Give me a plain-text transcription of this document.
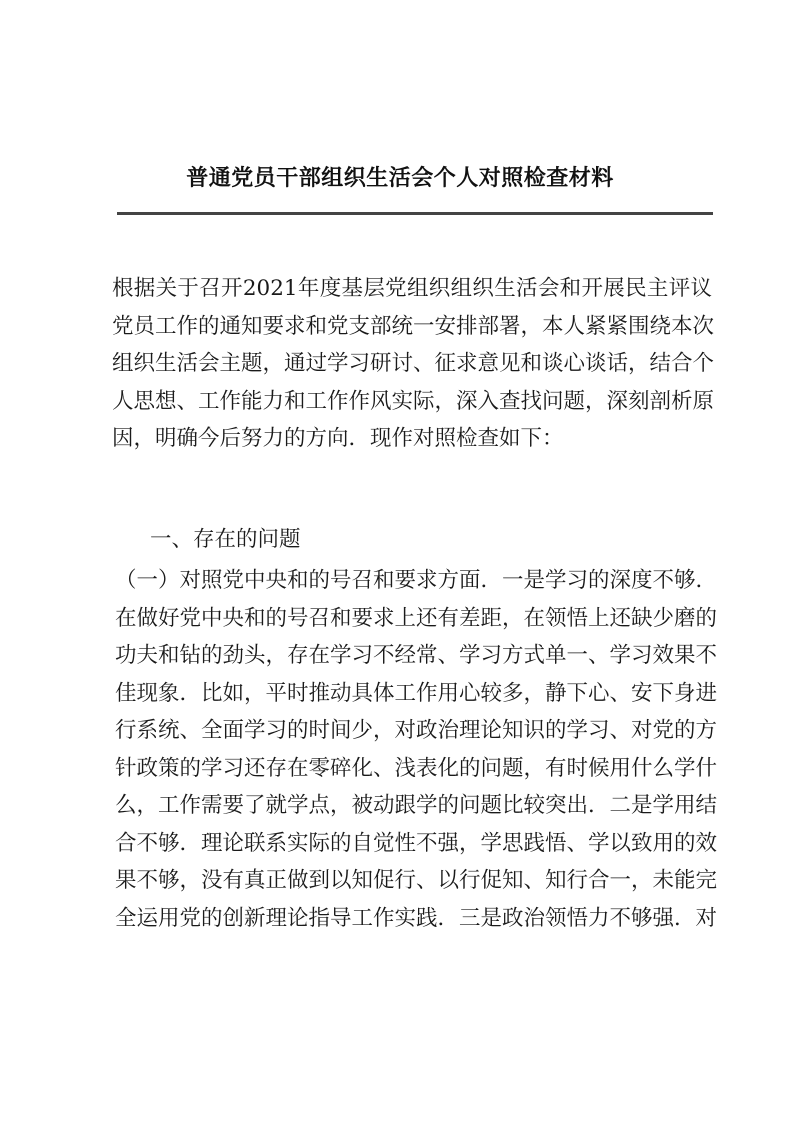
普通党员干部组织生活会个人对照检查材料
根据关于召开2021年度基层党组织组织生活会和开展民主评议
党员工作的通知要求和党支部统一安排部署，本人紧紧围绕本次
组织生活会主题，通过学习研讨、征求意见和谈心谈话，结合个
人思想、工作能力和工作作风实际，深入查找问题，深刻剖析原
因，明确今后努力的方向．现作对照检查如下：
一、存在的问题
（一）对照党中央和的号召和要求方面．一是学习的深度不够．
在做好党中央和的号召和要求上还有差距，在领悟上还缺少磨的
功夫和钻的劲头，存在学习不经常、学习方式单一、学习效果不
佳现象．比如，平时推动具体工作用心较多，静下心、安下身进
行系统、全面学习的时间少，对政治理论知识的学习、对党的方
针政策的学习还存在零碎化、浅表化的问题，有时候用什么学什
么，工作需要了就学点，被动跟学的问题比较突出．二是学用结
合不够．理论联系实际的自觉性不强，学思践悟、学以致用的效
果不够，没有真正做到以知促行、以行促知、知行合一，未能完
全运用党的创新理论指导工作实践．三是政治领悟力不够强．对
